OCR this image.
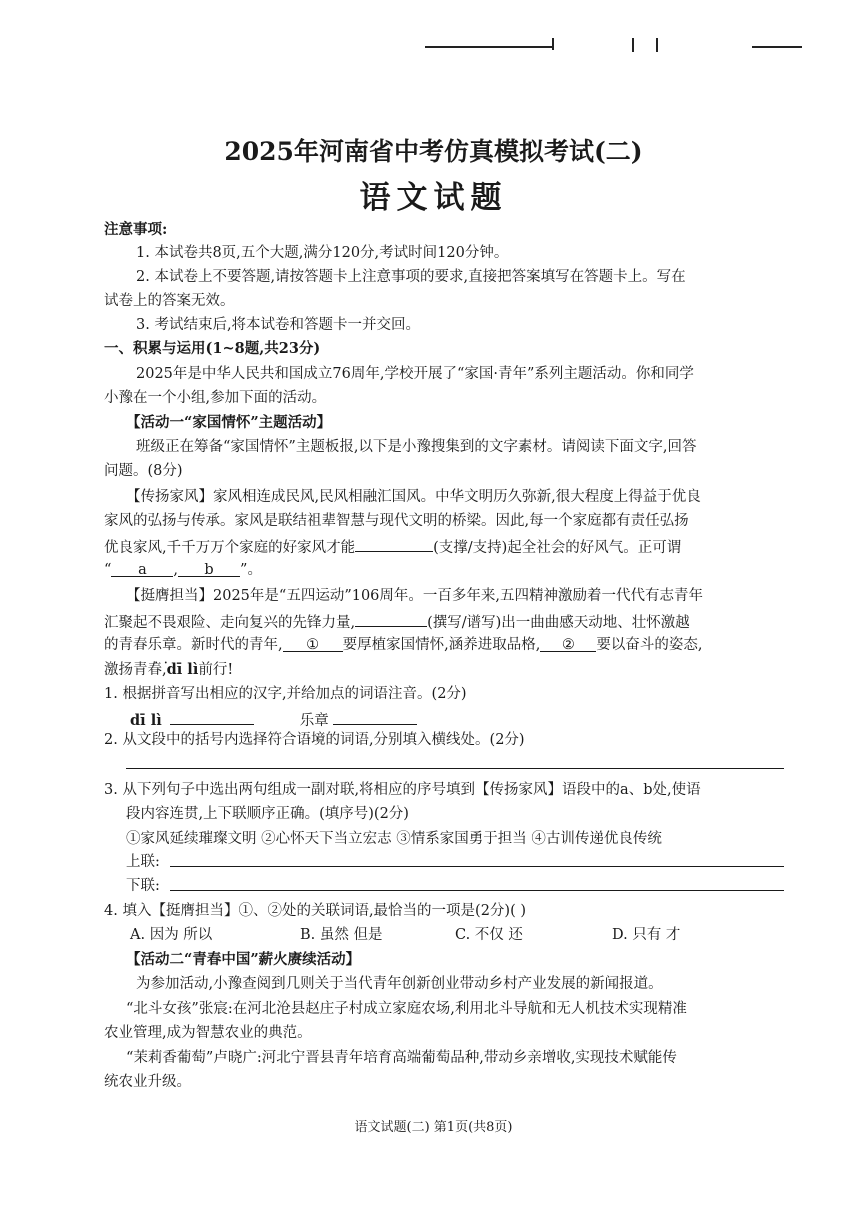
2025年河南省中考仿真模拟考试(二)
语文试题
注意事项:
1. 本试卷共8页,五个大题,满分120分,考试时间120分钟。
2. 本试卷上不要答题,请按答题卡上注意事项的要求,直接把答案填写在答题卡上。写在
试卷上的答案无效。
3. 考试结束后,将本试卷和答题卡一并交回。
一、积累与运用(1~8题,共23分)
2025年是中华人民共和国成立76周年,学校开展了“家国·青年”系列主题活动。你和同学
小豫在一个小组,参加下面的活动。
【活动一“家国情怀”主题活动】
班级正在筹备“家国情怀”主题板报,以下是小豫搜集到的文字素材。请阅读下面文字,回答
问题。(8分)
【传扬家风】家风相连成民风,民风相融汇国风。中华文明历久弥新,很大程度上得益于优良
家风的弘扬与传承。家风是联结祖辈智慧与现代文明的桥梁。因此,每一个家庭都有责任弘扬
优良家风,千千万万个家庭的好家风才能	(支撑/支持)起全社会的好风气。正可谓
“ a , b ”。
【挺膺担当】2025年是“五四运动”106周年。一百多年来,五四精神激励着一代代有志青年
汇聚起不畏艰险、走向复兴的先锋力量,	(撰写/谱写)出一曲曲感天动地、壮怀激越
的青春乐章 • •。新时代的青年, ① 要厚植家国情怀,涵养进取品格, ② 要以奋斗的姿态,
激扬青春,dī lì前行!
1. 根据拼音写出相应的汉字,并给加点的词语注音。(2分)
dī lì	乐章 • •
2. 从文段中的括号内选择符合语境的词语,分别填入横线处。(2分)
3. 从下列句子中选出两句组成一副对联,将相应的序号填到【传扬家风】语段中的a、b处,使语
段内容连贯,上下联顺序正确。(填序号)(2分)
①家风延续璀璨文明 ②心怀天下当立宏志 ③情系家国勇于担当 ④古训传递优良传统
上联:
下联:
4. 填入【挺膺担当】①、②处的关联词语,最恰当的一项是(2分)( )
A. 因为 所以	B. 虽然 但是	C. 不仅 还	D. 只有 才
【活动二“青春中国”薪火赓续活动】
为参加活动,小豫查阅到几则关于当代青年创新创业带动乡村产业发展的新闻报道。
“北斗女孩”张宸:在河北沧县赵庄子村成立家庭农场,利用北斗导航和无人机技术实现精准
农业管理,成为智慧农业的典范。
“茉莉香葡萄”卢晓广:河北宁晋县青年培育高端葡萄品种,带动乡亲增收,实现技术赋能传
统农业升级。
语文试题(二) 第1页(共8页)
